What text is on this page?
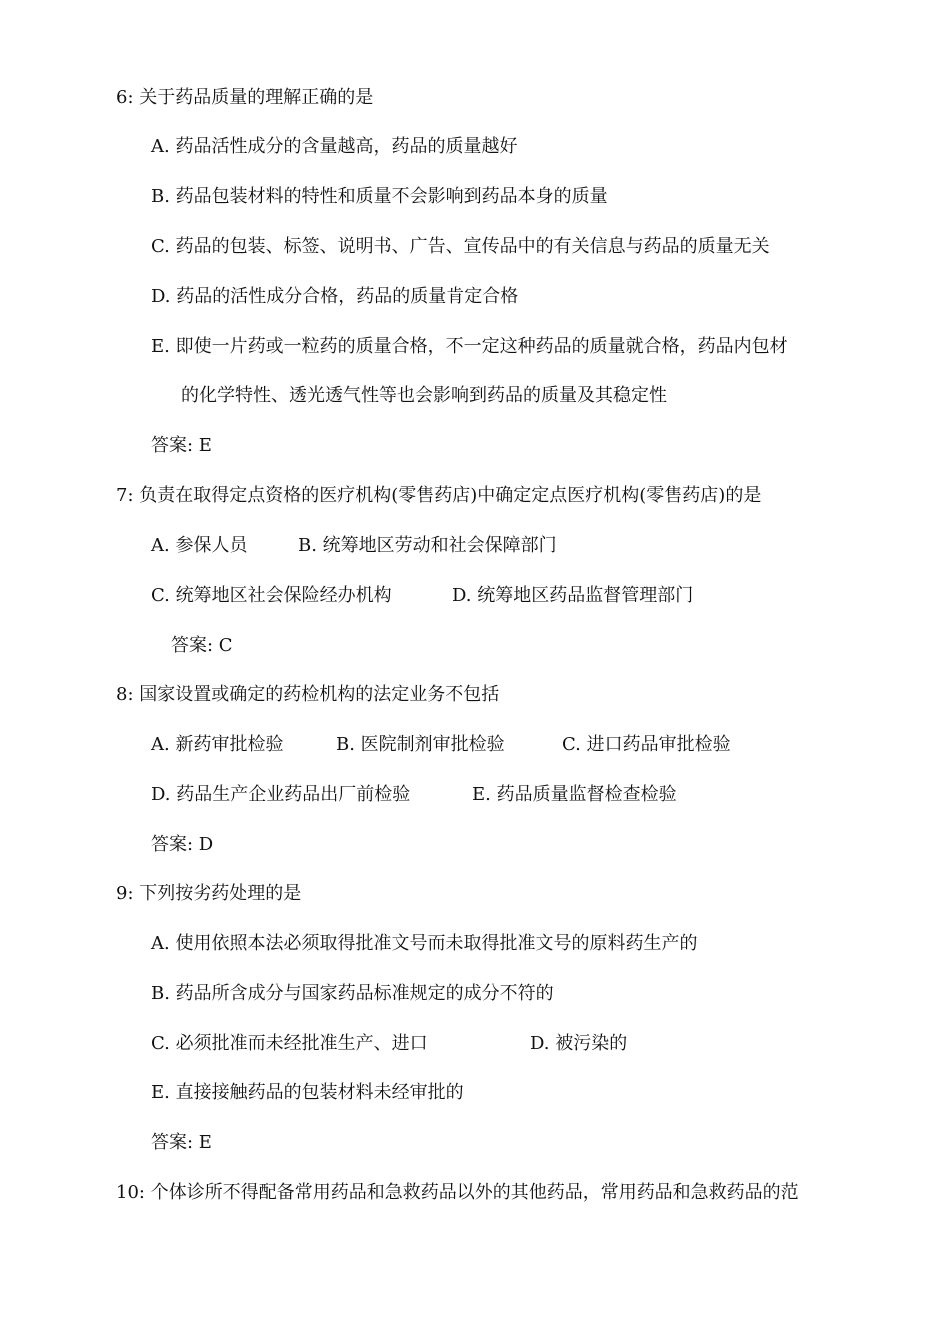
6: 关于药品质量的理解正确的是
A. 药品活性成分的含量越高，药品的质量越好
B. 药品包装材料的特性和质量不会影响到药品本身的质量
C. 药品的包装、标签、说明书、广告、宣传品中的有关信息与药品的质量无关
D. 药品的活性成分合格，药品的质量肯定合格
E. 即使一片药或一粒药的质量合格，不一定这种药品的质量就合格，药品内包材
的化学特性、透光透气性等也会影响到药品的质量及其稳定性
答案: E
7: 负责在取得定点资格的医疗机构(零售药店)中确定定点医疗机构(零售药店)的是
A. 参保人员	B. 统筹地区劳动和社会保障部门
C. 统筹地区社会保险经办机构	D. 统筹地区药品监督管理部门
答案: C
8: 国家设置或确定的药检机构的法定业务不包括
A. 新药审批检验	B. 医院制剂审批检验	C. 进口药品审批检验
D. 药品生产企业药品出厂前检验	E. 药品质量监督检查检验
答案: D
9: 下列按劣药处理的是
A. 使用依照本法必须取得批准文号而未取得批准文号的原料药生产的
B. 药品所含成分与国家药品标准规定的成分不符的
C. 必须批准而未经批准生产、进口	D. 被污染的
E. 直接接触药品的包装材料未经审批的
答案: E
10: 个体诊所不得配备常用药品和急救药品以外的其他药品，常用药品和急救药品的范
